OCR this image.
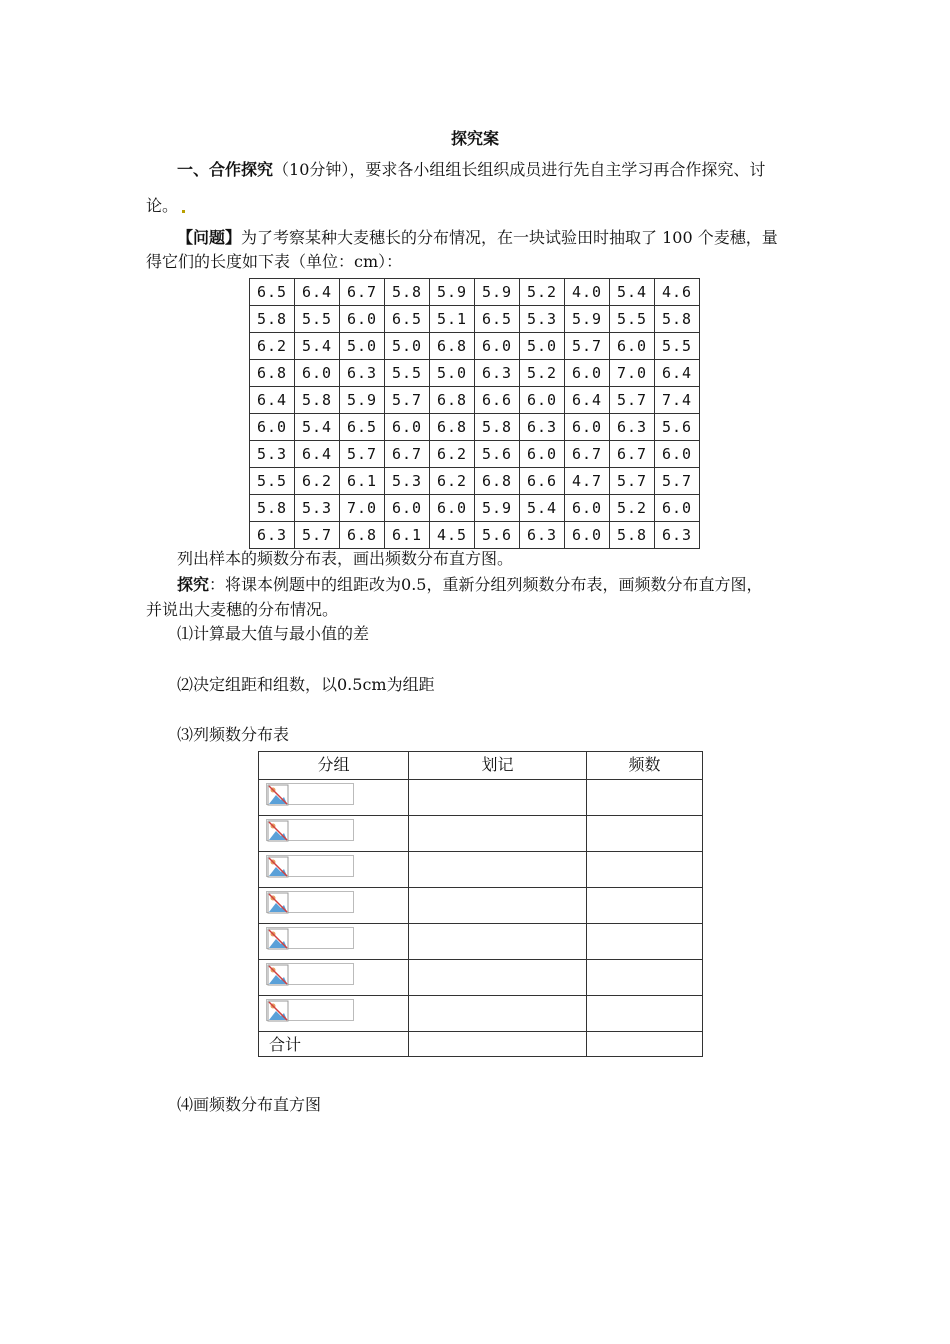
探究案
一、合作探究（10分钟），要求各小组组长组织成员进行先自主学习再合作探究、讨
论。
【问题】为了考察某种大麦穗长的分布情况，在一块试验田时抽取了 100 个麦穗，量
得它们的长度如下表（单位：cm）：
6.5	6.4	6.7	5.8	5.9	5.9	5.2	4.0	5.4	4.6
5.8	5.5	6.0	6.5	5.1	6.5	5.3	5.9	5.5	5.8
6.2	5.4	5.0	5.0	6.8	6.0	5.0	5.7	6.0	5.5
6.8	6.0	6.3	5.5	5.0	6.3	5.2	6.0	7.0	6.4
6.4	5.8	5.9	5.7	6.8	6.6	6.0	6.4	5.7	7.4
6.0	5.4	6.5	6.0	6.8	5.8	6.3	6.0	6.3	5.6
5.3	6.4	5.7	6.7	6.2	5.6	6.0	6.7	6.7	6.0
5.5	6.2	6.1	5.3	6.2	6.8	6.6	4.7	5.7	5.7
5.8	5.3	7.0	6.0	6.0	5.9	5.4	6.0	5.2	6.0
6.3	5.7	6.8	6.1	4.5	5.6	6.3	6.0	5.8	6.3
列出样本的频数分布表，画出频数分布直方图。
探究：将课本例题中的组距改为0.5，重新分组列频数分布表，画频数分布直方图，
并说出大麦穗的分布情况。
⑴计算最大值与最小值的差
⑵决定组距和组数，以0.5cm为组距
⑶列频数分布表
分组	划记	频数

合计		
⑷画频数分布直方图
